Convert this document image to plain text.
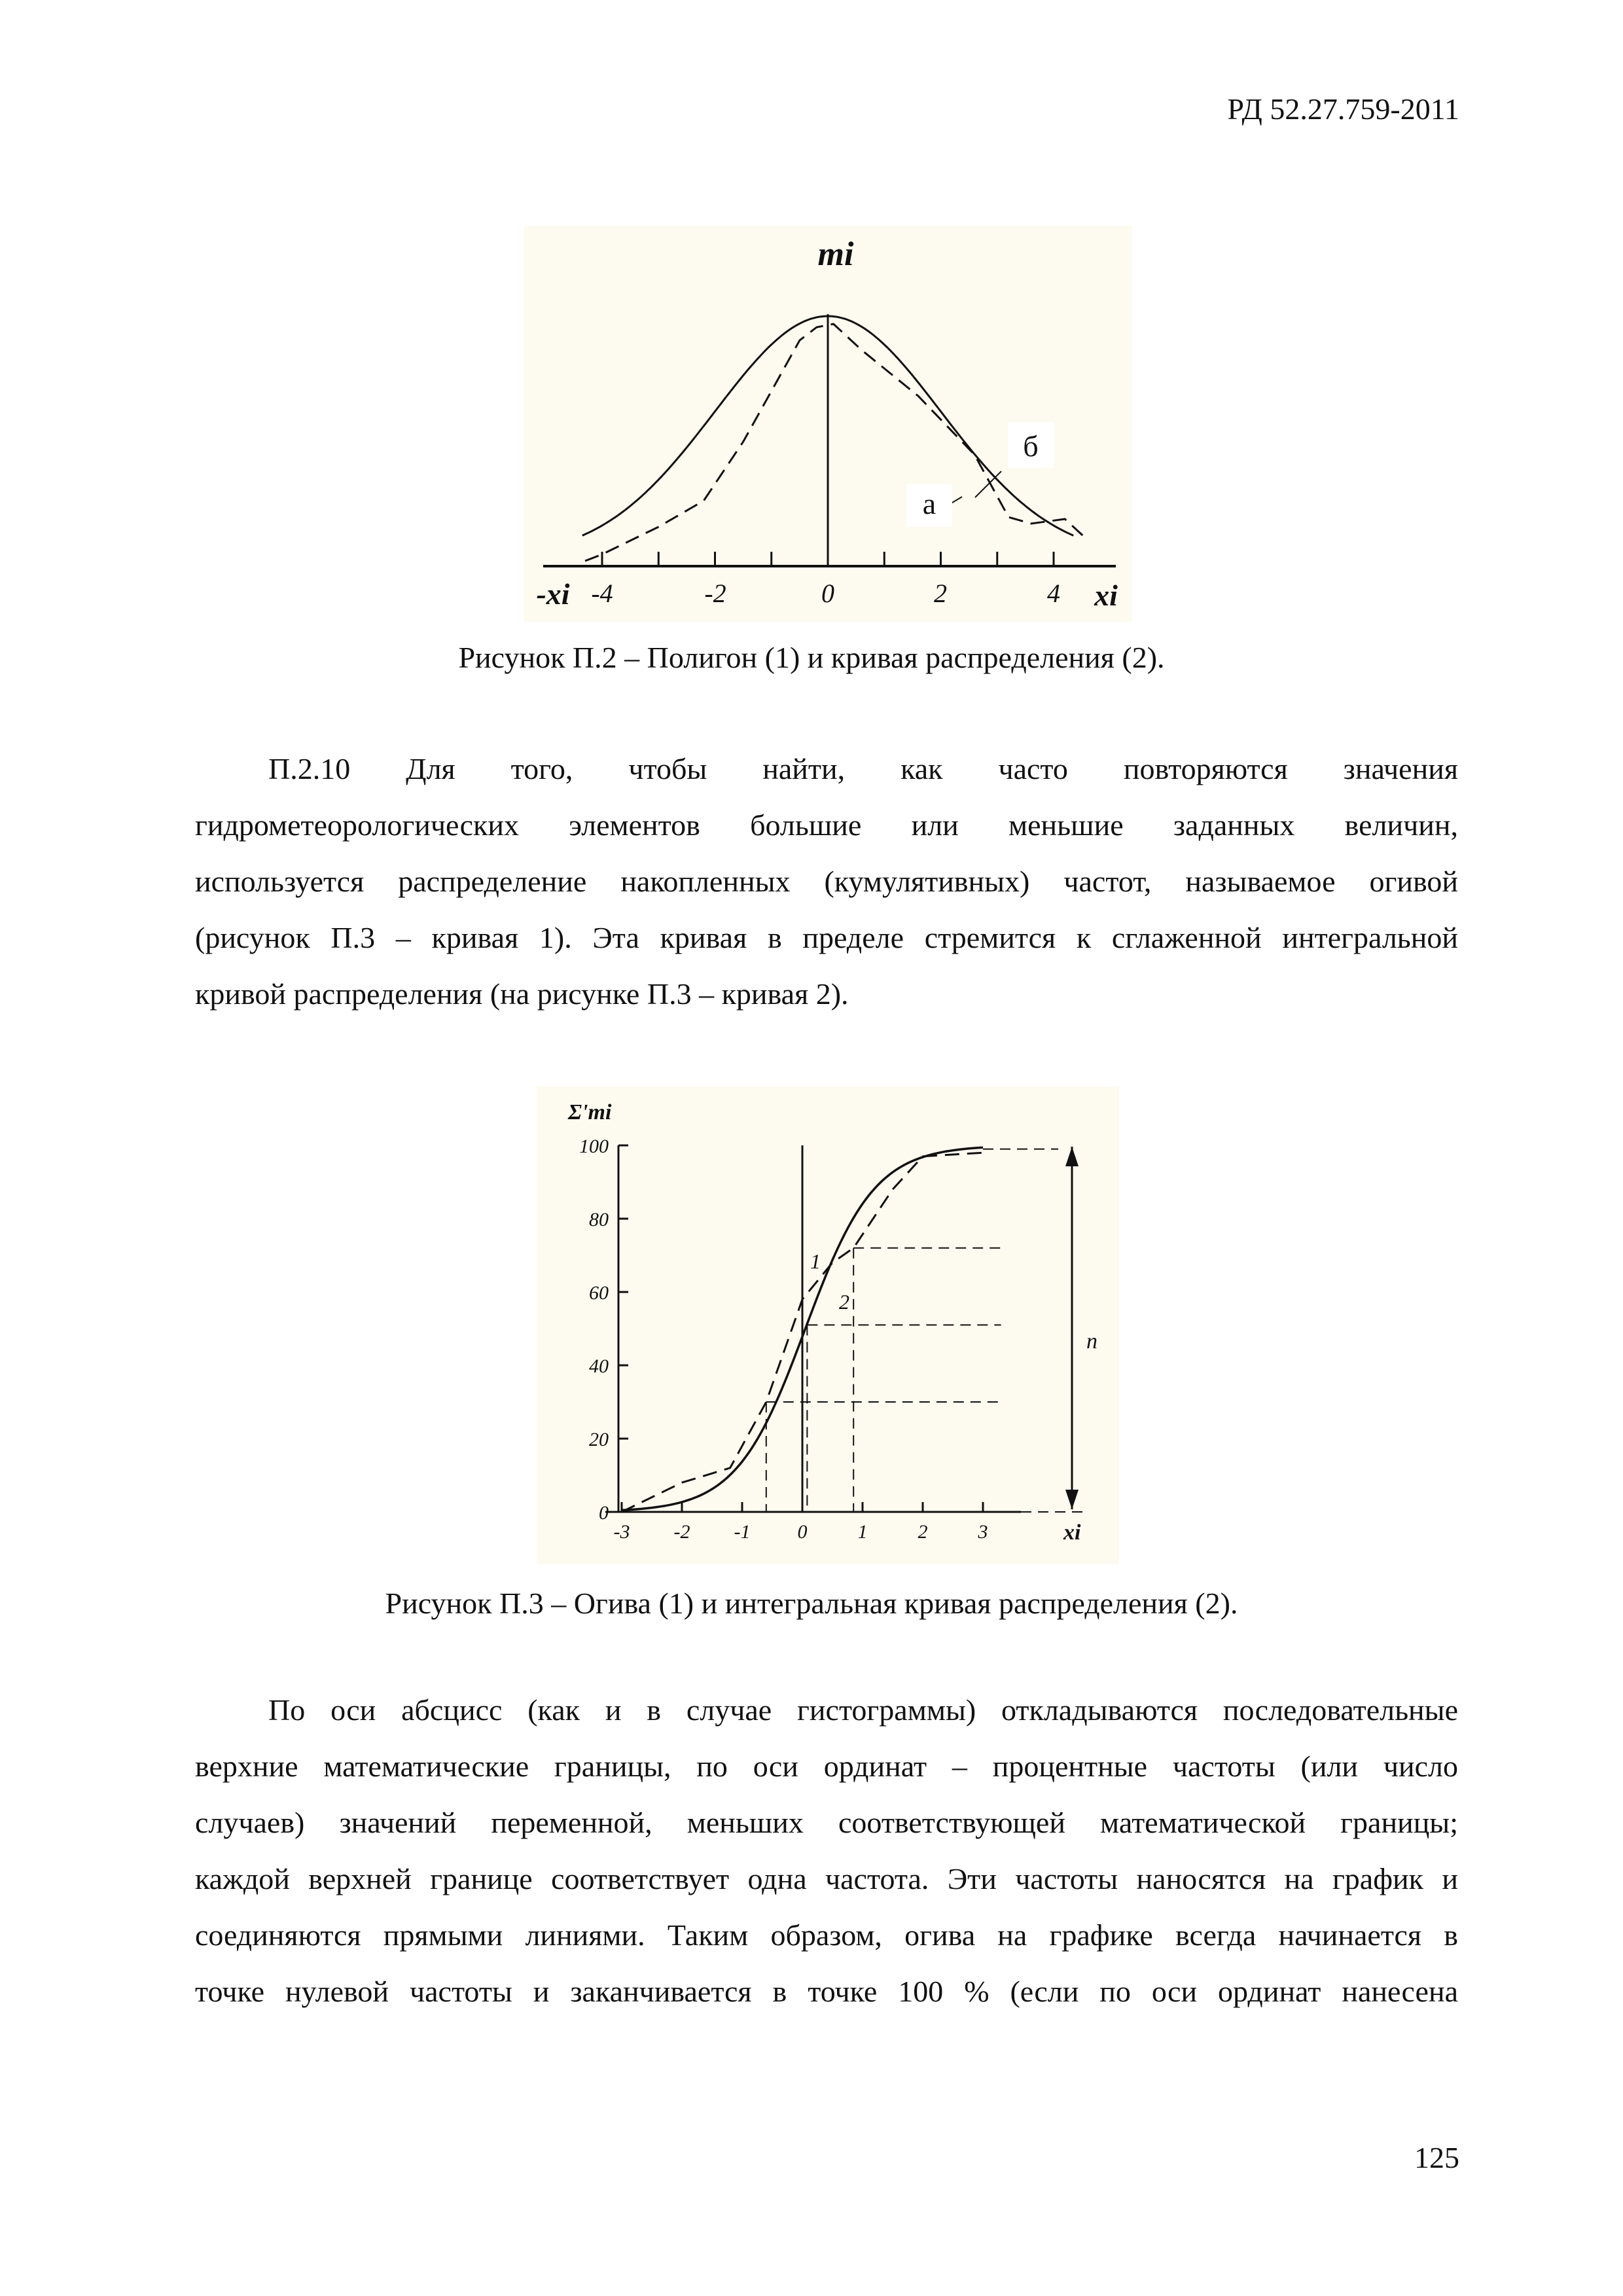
РД 52.27.759-2011
б
а
mi
-xi	xi
-4	-2	0	2	4
Рисунок П.2 – Полигон (1) и кривая распределения (2).
П.2.10 Для того, чтобы найти, как часто повторяются значения
гидрометеорологических элементов большие или меньшие заданных величин,
используется распределение накопленных (кумулятивных) частот, называемое огивой
(рисунок П.3 – кривая 1). Эта кривая в пределе стремится к сглаженной интегральной
кривой распределения (на рисунке П.3 – кривая 2).
n
1
2
Σ'mi
xi
0
20
40
60
80
100
-3 -2 -1 0	1	2	3
Рисунок П.3 – Огива (1) и интегральная кривая распределения (2).
По оси абсцисс (как и в случае гистограммы) откладываются последовательные
верхние математические границы, по оси ординат – процентные частоты (или число
случаев) значений переменной, меньших соответствующей математической границы;
каждой верхней границе соответствует одна частота. Эти частоты наносятся на график и
соединяются прямыми линиями. Таким образом, огива на графике всегда начинается в
точке нулевой частоты и заканчивается в точке 100 % (если по оси ординат нанесена
125
